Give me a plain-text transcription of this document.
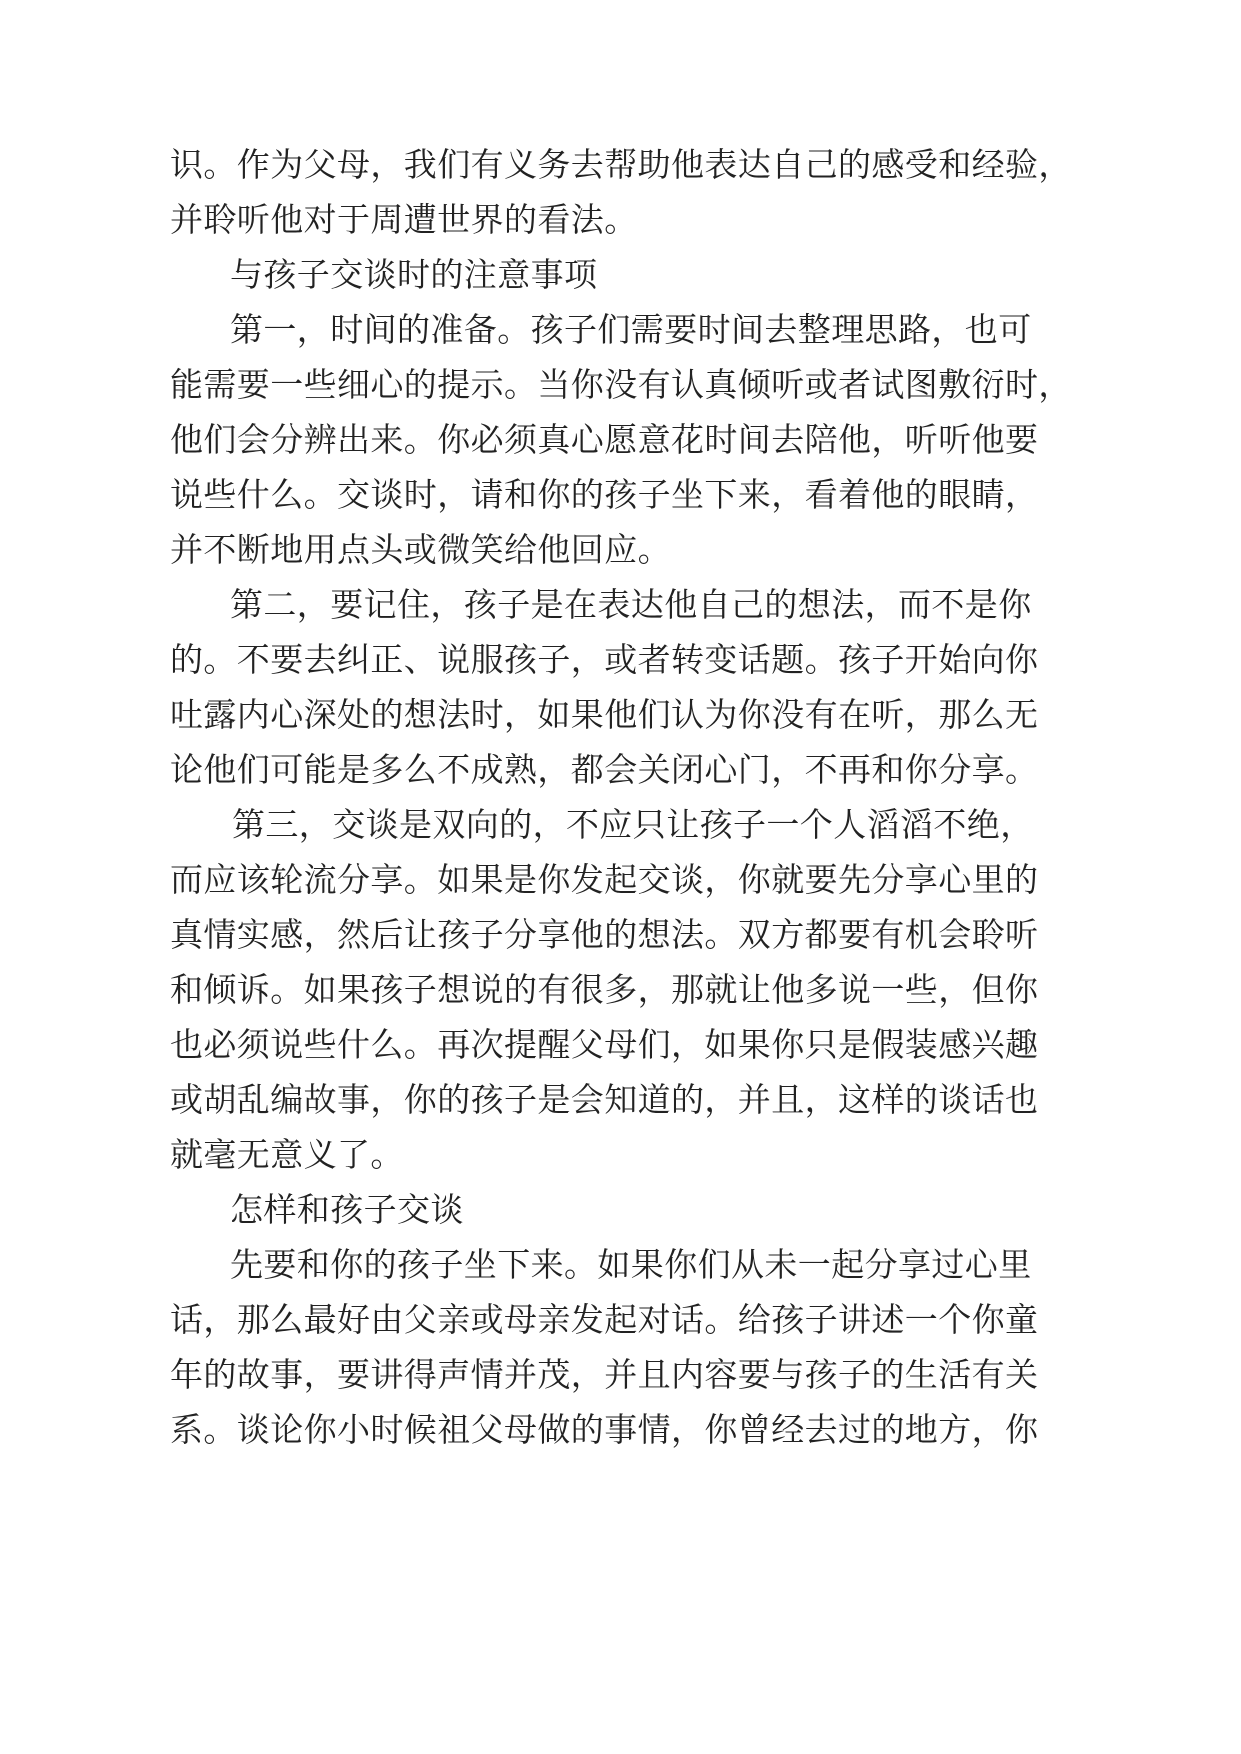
识。作为父母，我们有义务去帮助他表达自己的感受和经验，

并聆听他对于周遭世界的看法。

与孩子交谈时的注意事项

第一，时间的准备。孩子们需要时间去整理思路，也可

能需要一些细心的提示。当你没有认真倾听或者试图敷衍时，

他们会分辨出来。你必须真心愿意花时间去陪他，听听他要

说些什么。交谈时，请和你的孩子坐下来，看着他的眼睛，

并不断地用点头或微笑给他回应。

第二，要记住，孩子是在表达他自己的想法，而不是你

的。不要去纠正、说服孩子，或者转变话题。孩子开始向你

吐露内心深处的想法时，如果他们认为你没有在听，那么无

论他们可能是多么不成熟，都会关闭心门，不再和你分享。

第三，交谈是双向的，不应只让孩子一个人滔滔不绝，

而应该轮流分享。如果是你发起交谈，你就要先分享心里的

真情实感，然后让孩子分享他的想法。双方都要有机会聆听

和倾诉。如果孩子想说的有很多，那就让他多说一些，但你

也必须说些什么。再次提醒父母们，如果你只是假装感兴趣

或胡乱编故事，你的孩子是会知道的，并且，这样的谈话也

就毫无意义了。

怎样和孩子交谈

先要和你的孩子坐下来。如果你们从未一起分享过心里

话，那么最好由父亲或母亲发起对话。给孩子讲述一个你童

年的故事，要讲得声情并茂，并且内容要与孩子的生活有关

系。谈论你小时候祖父母做的事情，你曾经去过的地方，你
